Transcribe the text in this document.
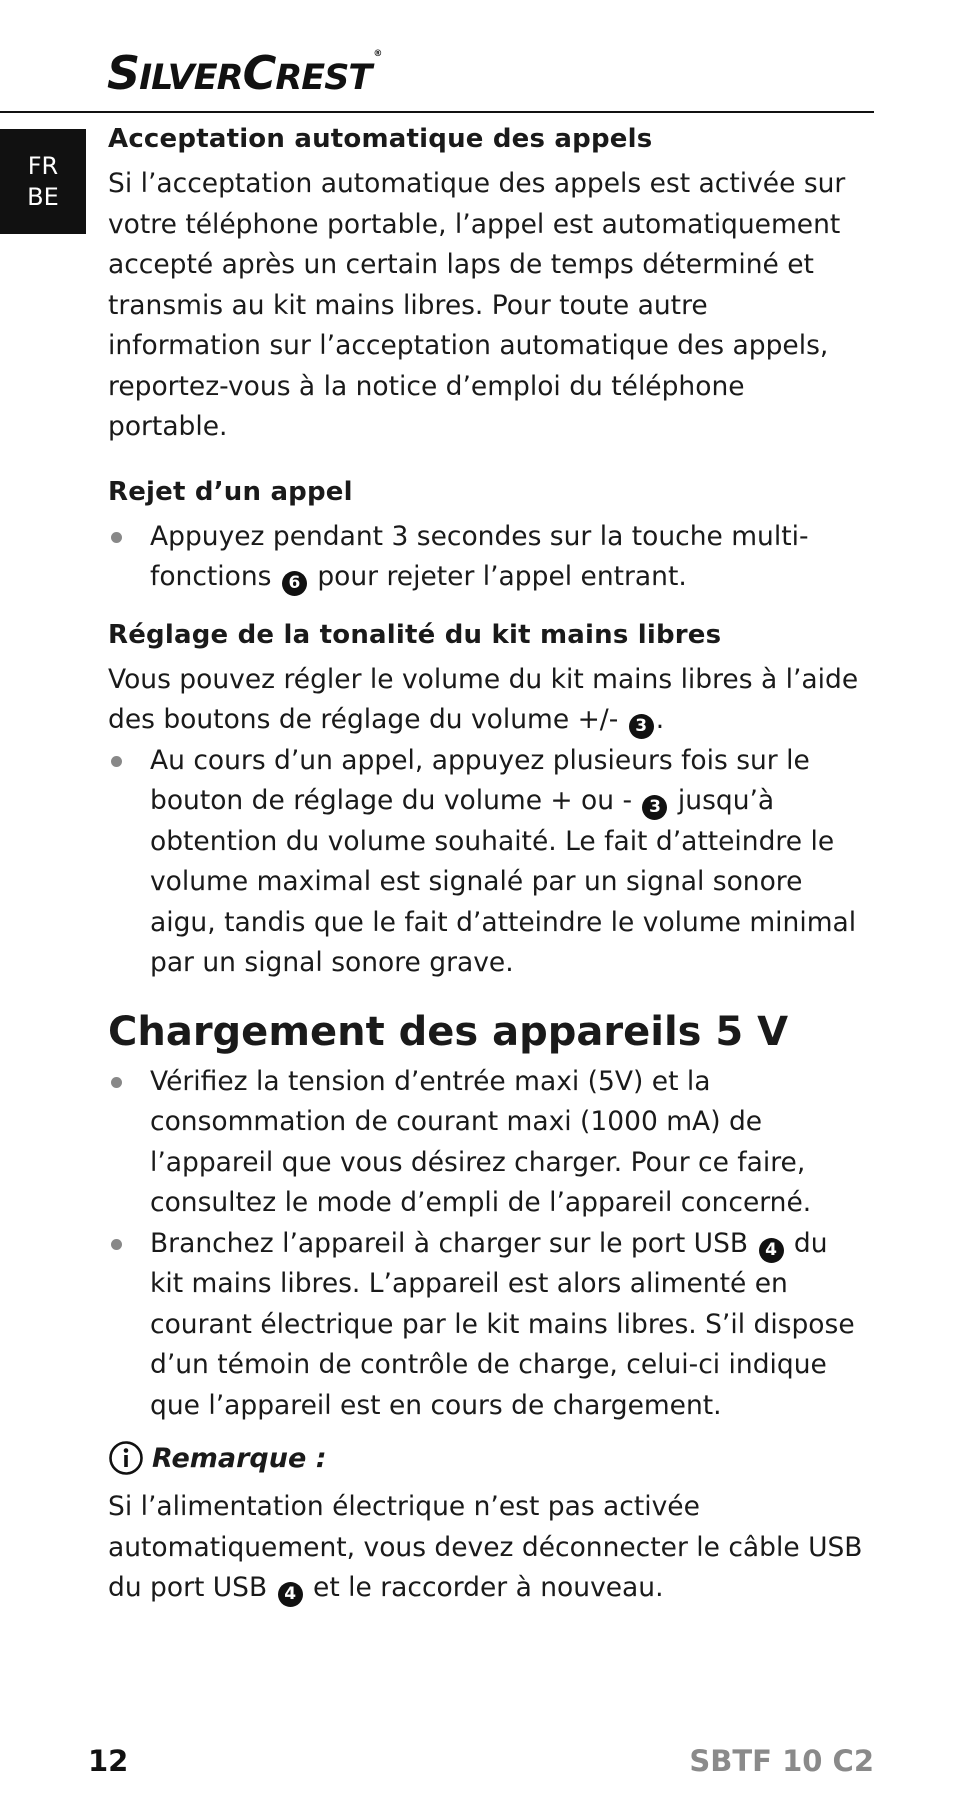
SILVERCREST®
FR
BE
Acceptation automatique des appels

Si l’acceptation automatique des appels est activée sur votre téléphone portable, l’appel est automatiquement accepté après un certain laps de temps déterminé et transmis au kit mains libres. Pour toute autre information sur l’acceptation automatique des appels, reportez-vous à la notice d’emploi du téléphone portable.

Rejet d’un appel
Appuyez pendant 3 secondes sur la touche multi-fonctions 6 pour rejeter l’appel entrant.
Réglage de la tonalité du kit mains libres

Vous pouvez régler le volume du kit mains libres à l’aide des boutons de réglage du volume +/- 3 .

Au cours d’un appel, appuyez plusieurs fois sur le bouton de réglage du volume + ou - 3 jusqu’à obtention du volume souhaité. Le fait d’atteindre le volume maximal est signalé par un signal sonore aigu, tandis que le fait d’atteindre le volume minimal par un signal sonore grave.
Chargement des appareils 5 V
Vérifiez la tension d’entrée maxi (5V) et la consommation de courant maxi (1000 mA) de l’appareil que vous désirez charger. Pour ce faire, consultez le mode d’empli de l’appareil concerné.
Branchez l’appareil à charger sur le port USB 4 du kit mains libres. L’appareil est alors alimenté en courant électrique par le kit mains libres. S’il dispose d’un témoin de contrôle de charge, celui-ci indique que l’appareil est en cours de chargement.
Remarque :

Si l’alimentation électrique n’est pas activée automatiquement, vous devez déconnecter le câble USB du port USB 4 et le raccorder à nouveau.

12	SBTF 10 C2
